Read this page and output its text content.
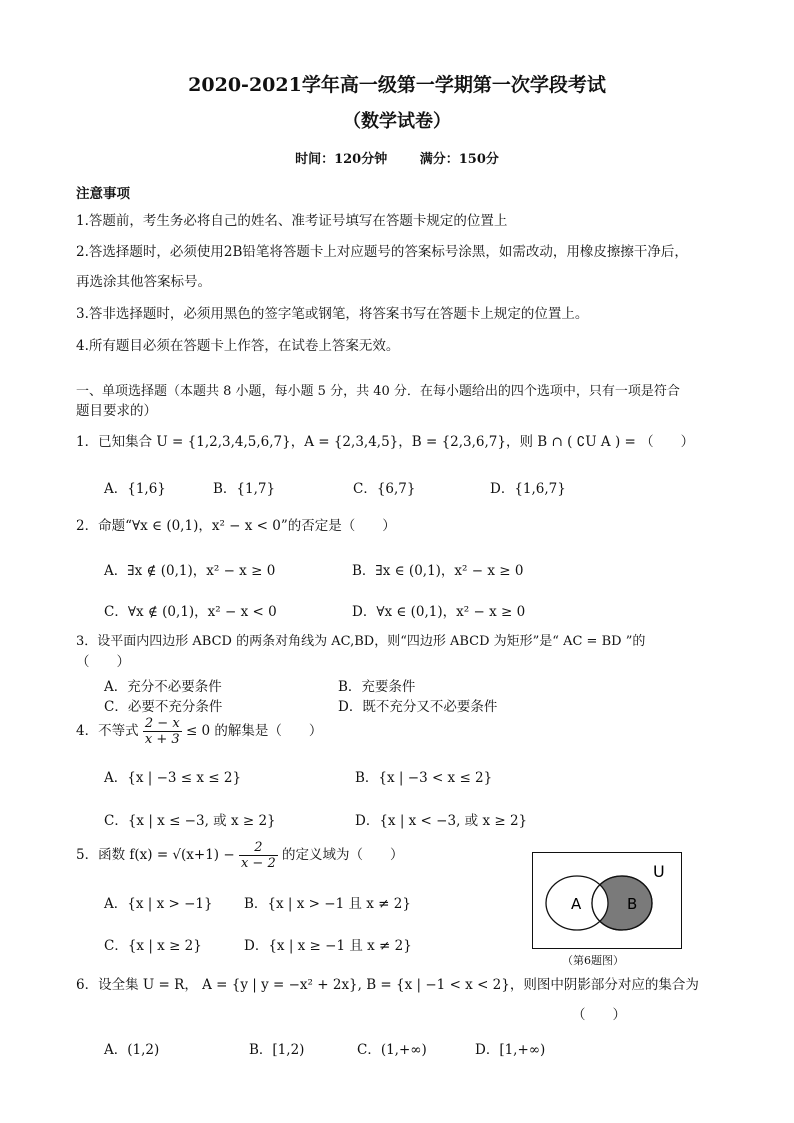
2020-2021学年高一级第一学期第一次学段考试
（数学试卷）
时间：120分钟	满分：150分
注意事项
1.答题前，考生务必将自己的姓名、准考证号填写在答题卡规定的位置上
2.答选择题时，必须使用2B铅笔将答题卡上对应题号的答案标号涂黑，如需改动，用橡皮擦擦干净后，
再选涂其他答案标号。
3.答非选择题时，必须用黑色的签字笔或钢笔，将答案书写在答题卡上规定的位置上。
4.所有题目必须在答题卡上作答，在试卷上答案无效。
一、单项选择题（本题共 8 小题，每小题 5 分，共 40 分．在每小题给出的四个选项中，只有一项是符合
题目要求的）
1．已知集合 U = {1,2,3,4,5,6,7}，A = {2,3,4,5}，B = {2,3,6,7}，则 B ∩ ( ∁U A ) = （　　）
A．{1,6}	B．{1,7}	C．{6,7}	D．{1,6,7}
2．命题“∀x ∈ (0,1)，x² − x < 0”的否定是（　　）
A．∃x ∉ (0,1)，x² − x ≥ 0	B．∃x ∈ (0,1)，x² − x ≥ 0
C．∀x ∉ (0,1)，x² − x < 0	D．∀x ∈ (0,1)，x² − x ≥ 0
3．设平面内四边形 ABCD 的两条对角线为 AC,BD，则“四边形 ABCD 为矩形”是“ AC = BD ”的
（　　）
A．充分不必要条件	B．充要条件
C．必要不充分条件	D．既不充分又不必要条件
4．不等式 $\frac{2 - x}{x + 3} \le 0$ 的解集是（　　）
A．{x | −3 ≤ x ≤ 2}	B．{x | −3 < x ≤ 2}
C．{x | x ≤ −3, 或 x ≥ 2}	D．{x | x < −3, 或 x ≥ 2}
5．函数 $f(x) = √(x+1) - \frac{2}{x - 2}$ 的定义域为（　　）
A．{x | x > −1} B．{x | x > −1 且 x ≠ 2}
C．{x | x ≥ 2}	D．{x | x ≥ −1 且 x ≠ 2}
A	B
U
（第6题图）
6．设全集 U = R， A = {y | y = −x² + 2x}, B = {x | −1 < x < 2}，则图中阴影部分对应的集合为
（　　）
A．(1,2)	B．[1,2)	C．(1,+∞)	D．[1,+∞)
